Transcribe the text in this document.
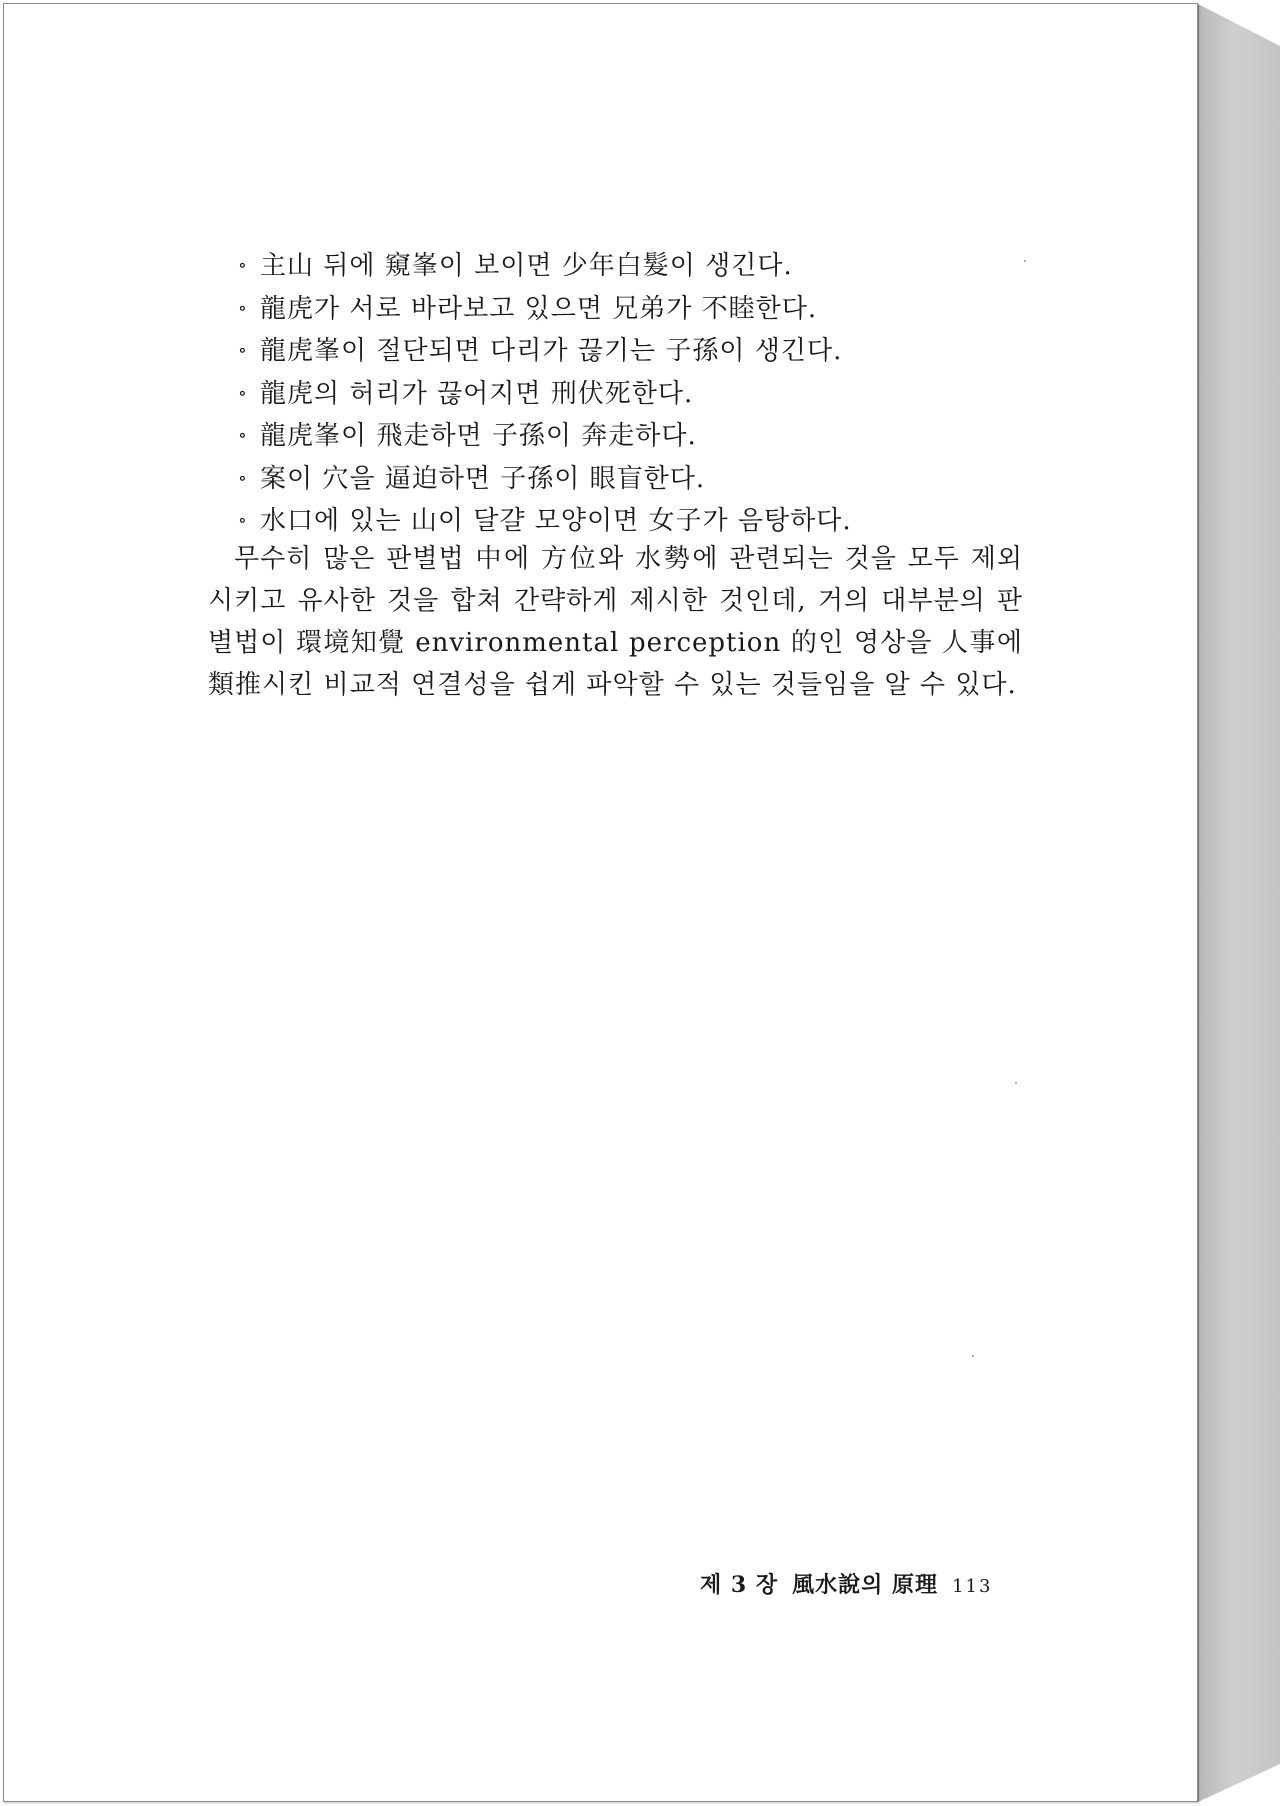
∘ 主山 뒤에 窺峯이 보이면 少年白髮이 생긴다.
∘ 龍虎가 서로 바라보고 있으면 兄弟가 不睦한다.
∘ 龍虎峯이 절단되면 다리가 끊기는 子孫이 생긴다.
∘ 龍虎의 허리가 끊어지면 刑伏死한다.
∘ 龍虎峯이 飛走하면 子孫이 奔走하다.
∘ 案이 穴을 逼迫하면 子孫이 眼盲한다.
∘ 水口에 있는 山이 달걀 모양이면 女子가 음탕하다.

무수히 많은 판별법 中에 方位와 水勢에 관련되는 것을 모두 제외시키고 유사한 것을 합쳐 간략하게 제시한 것인데, 거의 대부분의 판별법이 環境知覺 environmental perception 的인 영상을 人事에 類推시킨 비교적 연결성을 쉽게 파악할 수 있는 것들임을 알 수 있다.

제 3 장 風水說의 原理 113
